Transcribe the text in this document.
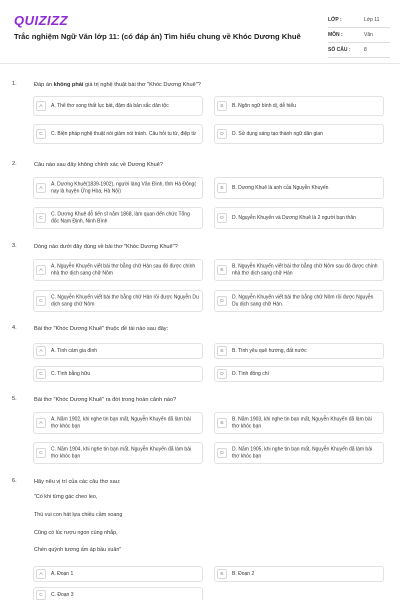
QUIZIZZ
Trắc nghiệm Ngữ Văn lớp 11: (có đáp án) Tìm hiểu chung về Khóc Dương Khuê
LỚP :	Lớp 11
MÔN :	Văn
SỐ CÂU :	8
1.	Đáp án không phải giá trị nghệ thuật bài thơ "Khóc Dương Khuê"?
A	A. Thể thơ song thất lục bát, đậm đà bản sắc dân tộc	B	B. Ngôn ngữ bình dị, dễ hiểu
C	C. Biện pháp nghệ thuật nói giảm nói tránh. Câu hỏi tu từ, điệp từ	D	D. Sử dụng sáng tạo thành ngữ dân gian
2.	Câu nào sau đây không chính xác về Dương Khuê?
A
A. Dương Khuê(1839-1902), người làng Vân Đình, tỉnh Hà Đông( nay là huyện Ứng Hòa, Hà Nội)	B	B. Dương Khuê là anh của Nguyễn Khuyến
C
C. Dương Khuê đỗ tiến sĩ năm 1868, làm quan đến chức Tổng đốc Nam Định, Ninh Bình	D	D. Nguyễn Khuyến và Dương Khuê là 2 người bạn thân
3.	Dòng nào dưới đây đúng về bài thơ "Khóc Dương Khuê"?
A
A. Nguyễn Khuyến viết bài thơ bằng chữ Hán sau đó được chính nhà thơ dịch sang chữ Nôm	B
B. Nguyễn Khuyến viết bài thơ bằng chữ Nôm sau đó được chính nhà thơ dịch sang chữ Hán
C
C. Nguyễn Khuyến viết bài thơ bằng chữ Hán rồi được Nguyễn Du dịch sang chữ Nôm	D
D. Nguyễn Khuyến viết bài thơ bằng chữ Nôm rồi được Nguyễn Du dịch sang chữ Hán.
4.	Bài thơ "Khóc Dương Khuê" thuộc đề tài nào sau đây:
A	A. Tình cảm gia đình	B	B. Tình yêu quê hương, đất nước
C	C. Tình bằng hữu	D	D. Tình đồng chí
5.	Bài thơ "Khóc Dương Khuê" ra đời trong hoàn cảnh nào?
A
A. Năm 1902, khi nghe tin bạn mất, Nguyễn Khuyến đã làm bài thơ khóc bạn	B
B. Năm 1903, khi nghe tin bạn mất, Nguyễn Khuyến đã làm bài thơ khóc bạn
C
C. Năm 1904, khi nghe tin bạn mất, Nguyễn Khuyến đã làm bài thơ khóc bạn	D
D. Năm 1905, khi nghe tin bạn mất, Nguyễn Khuyến đã làm bài thơ khóc bạn
6.	Hãy nêu vị trí của các câu thơ sau:
"Có khi từng gác cheo leo,
Thú vui con hát lựa chiều cầm xoang
Cũng có lúc rượu ngon cùng nhắp,
Chén quỳnh tương ấm áp bầu xuân"
A	A. Đoạn 1	B	B. Đoạn 2
C	C. Đoạn 3
